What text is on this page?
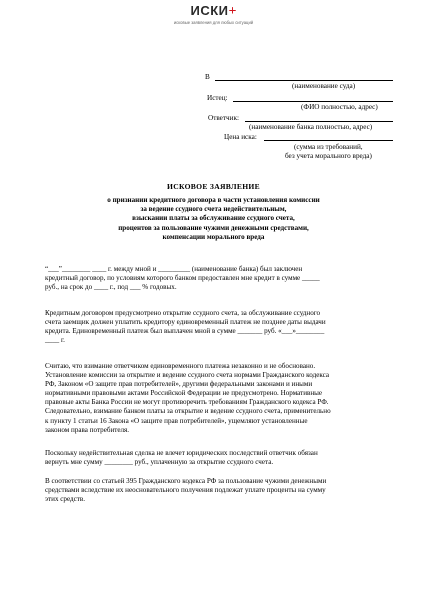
ИСКИ+
исковые заявления для любых ситуаций
В
(наименование суда)
Истец:
(ФИО полностью, адрес)
Ответчик:
(наименование банка полностью, адрес)
Цена иска:
(сумма из требований,
без учета морального вреда)
ИСКОВОЕ ЗАЯВЛЕНИЕ
о признании кредитного договора в части установления комиссии
за ведение ссудного счета недействительным,
взыскании платы за обслуживание ссудного счета,
процентов за пользование чужими денежными средствами,
компенсации морального вреда
“___”________ ____ г. между мной и _________ (наименование банка) был заключен
кредитный договор, по условиям которого банком предоставлен мне кредит в сумме _____
руб., на срок до ____ г., под ___ % годовых.
Кредитным договором предусмотрено открытие ссудного счета, за обслуживание ссудного
счета заемщик должен уплатить кредитору единовременный платеж не позднее даты выдачи
кредита. Единовременный платеж был выплачен мной в сумме _______ руб. «___»________
____ г.
Считаю, что взимание ответчиком единовременного платежа незаконно и не обосновано.
Установление комиссии за открытие и ведение ссудного счета нормами Гражданского кодекса
РФ, Законом «О защите прав потребителей», другими федеральными законами и иными
нормативными правовыми актами Российской Федерации не предусмотрено. Нормативные
правовые акты Банка России не могут противоречить требованиям Гражданского кодекса РФ.
Следовательно, взимание банком платы за открытие и ведение ссудного счета, применительно
к пункту 1 статьи 16 Закона «О защите прав потребителей», ущемляют установленные
законом права потребителя.
Поскольку недействительная сделка не влечет юридических последствий ответчик обязан
вернуть мне сумму ________ руб., уплаченную за открытие ссудного счета.
В соответствии со статьей 395 Гражданского кодекса РФ за пользование чужими денежными
средствами вследствие их неосновательного получения подлежат уплате проценты на сумму
этих средств.
